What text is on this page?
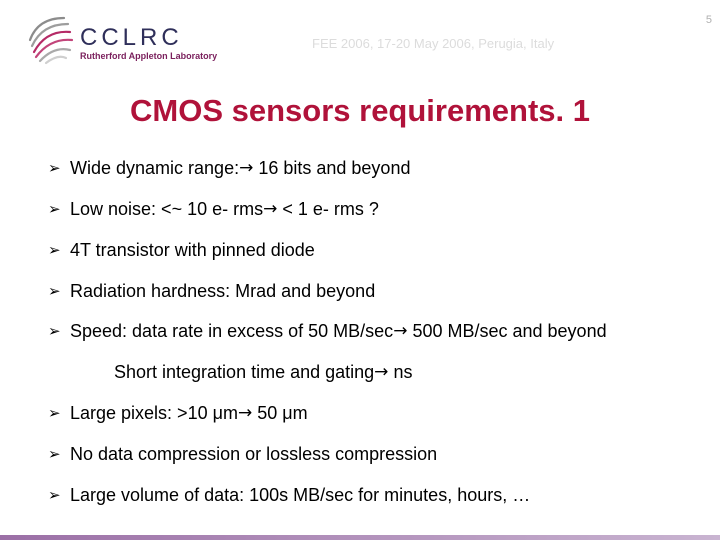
CCLRC
Rutherford Appleton Laboratory
FEE 2006, 17-20 May 2006, Perugia, Italy
5
CMOS sensors requirements. 1
➢ Wide dynamic range: →
16 bits and beyond
➢ Low noise: <~ 10 e- rms →
< 1 e- rms ?
➢ 4T transistor with pinned diode
➢ Radiation hardness: Mrad and beyond
➢ Speed: data rate in excess of 50 MB/sec →
500 MB/sec and beyond
Short integration time and gating →
ns
➢ Large pixels: >10 μm →
50 μm
➢ No data compression or lossless compression
➢ Large volume of data: 100s MB/sec for minutes, hours, …
